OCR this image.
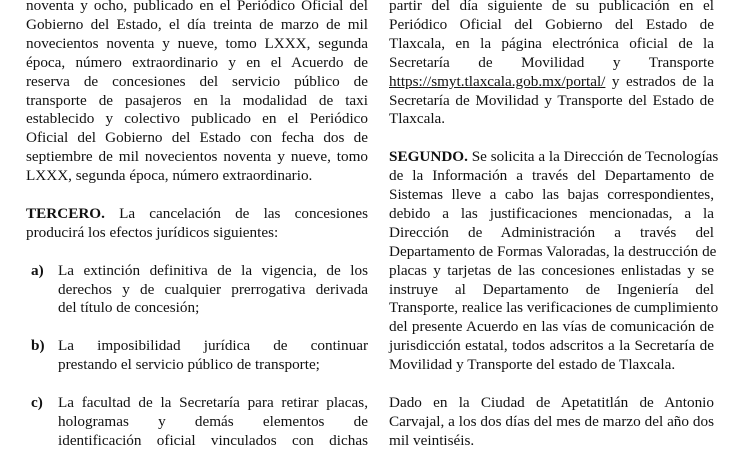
noventa y ocho, publicado en el Periódico Oficial del
Gobierno del Estado, el día treinta de marzo de mil
novecientos noventa y nueve, tomo LXXX, segunda
época, número extraordinario y en el Acuerdo de
reserva de concesiones del servicio público de
transporte de pasajeros en la modalidad de taxi
establecido y colectivo publicado en el Periódico
Oficial del Gobierno del Estado con fecha dos de
septiembre de mil novecientos noventa y nueve, tomo
LXXX, segunda época, número extraordinario.
TERCERO. La cancelación de las concesiones
producirá los efectos jurídicos siguientes:
a) La extinción definitiva de la vigencia, de los
derechos y de cualquier prerrogativa derivada
del título de concesión;
b) La imposibilidad jurídica de continuar
prestando el servicio público de transporte;
c) La facultad de la Secretaría para retirar placas,
hologramas y demás elementos de
identificación oficial vinculados con dichas
partir del día siguiente de su publicación en el
Periódico Oficial del Gobierno del Estado de
Tlaxcala, en la página electrónica oficial de la
Secretaría de Movilidad y Transporte
https://smyt.tlaxcala.gob.mx/portal/ y estrados de la
Secretaría de Movilidad y Transporte del Estado de
Tlaxcala.
SEGUNDO. Se solicita a la Dirección de Tecnologías
de la Información a través del Departamento de
Sistemas lleve a cabo las bajas correspondientes,
debido a las justificaciones mencionadas, a la
Dirección de Administración a través del
Departamento de Formas Valoradas, la destrucción de
placas y tarjetas de las concesiones enlistadas y se
instruye al Departamento de Ingeniería del
Transporte, realice las verificaciones de cumplimiento
del presente Acuerdo en las vías de comunicación de
jurisdicción estatal, todos adscritos a la Secretaría de
Movilidad y Transporte del estado de Tlaxcala.
Dado en la Ciudad de Apetatitlán de Antonio
Carvajal, a los dos días del mes de marzo del año dos
mil veintiséis.
